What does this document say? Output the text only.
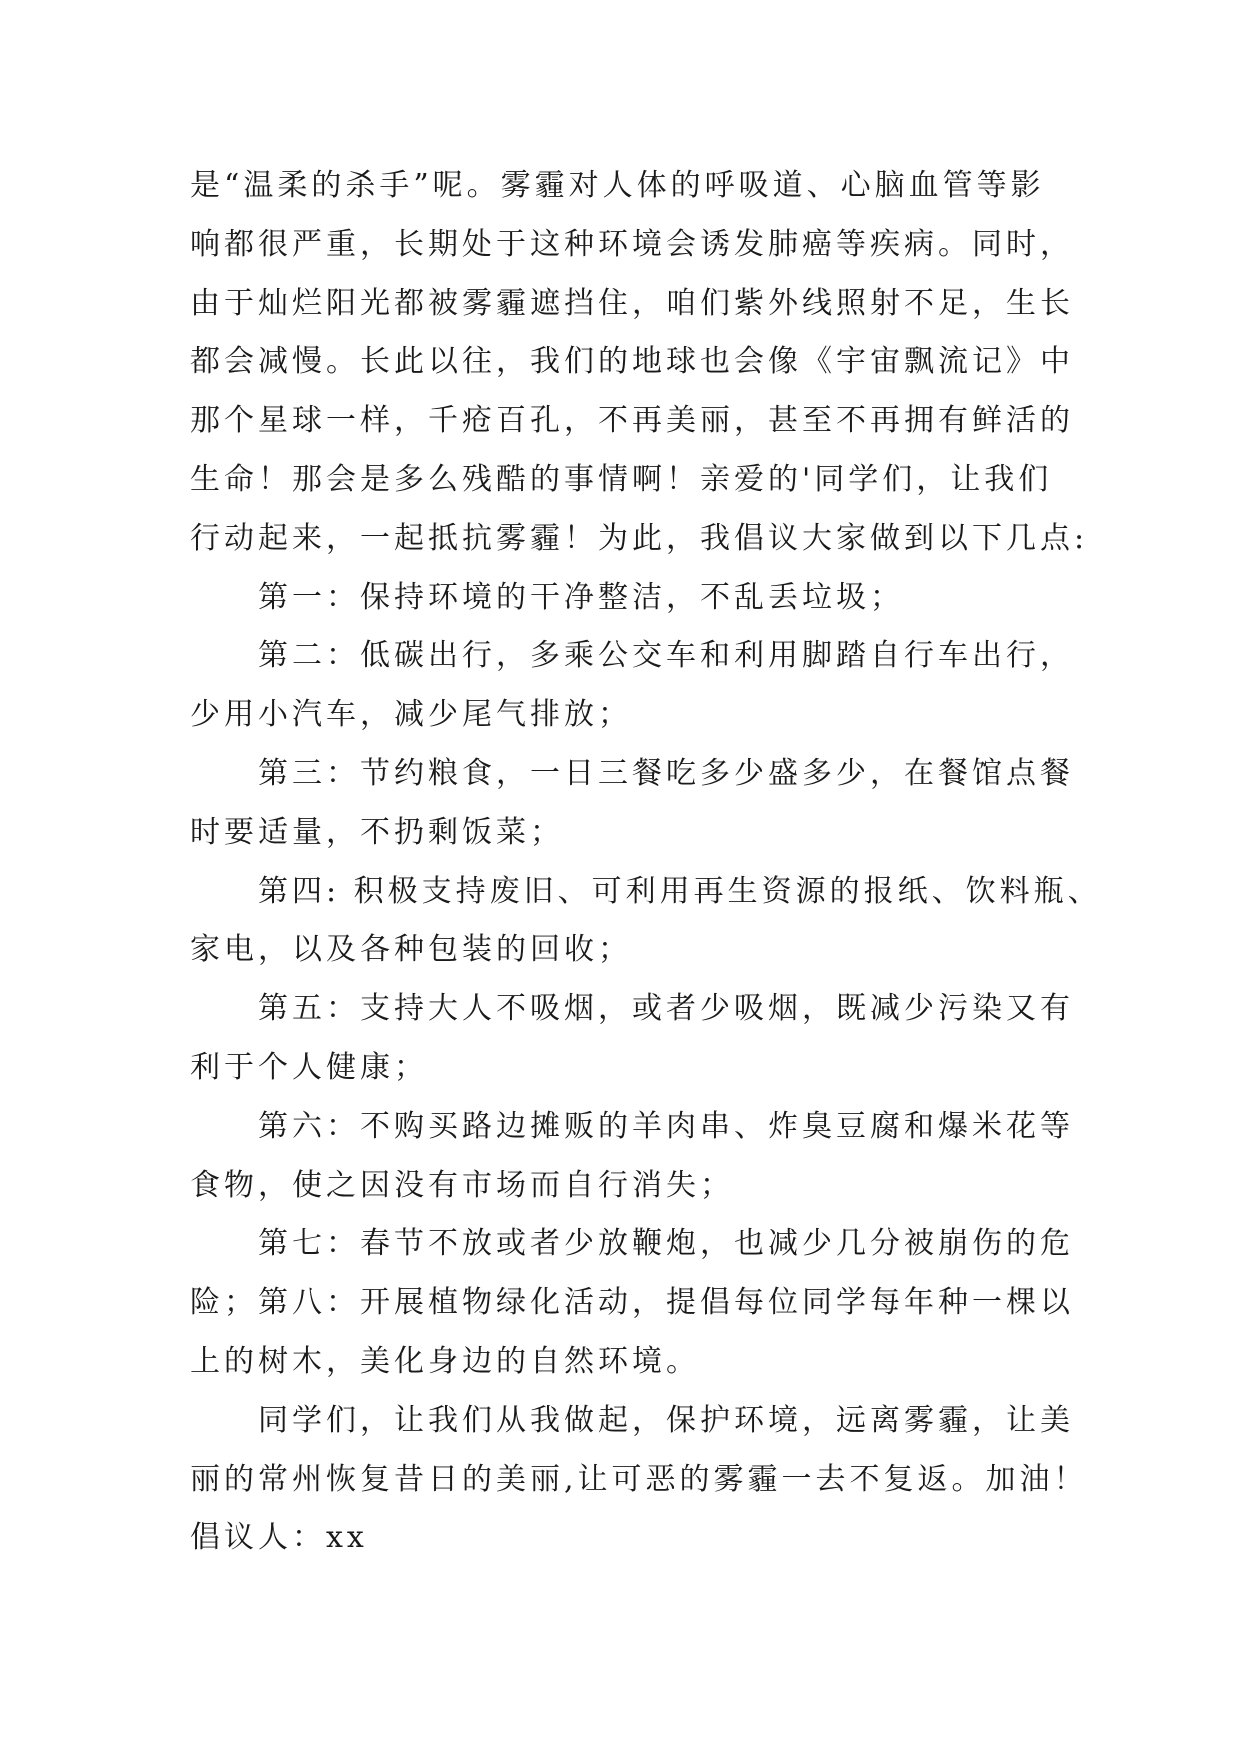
是“温柔的杀手”呢。雾霾对人体的呼吸道、心脑血管等影
响都很严重，长期处于这种环境会诱发肺癌等疾病。同时，
由于灿烂阳光都被雾霾遮挡住，咱们紫外线照射不足，生长
都会减慢。长此以往，我们的地球也会像《宇宙飘流记》中
那个星球一样，千疮百孔，不再美丽，甚至不再拥有鲜活的
生命！那会是多么残酷的事情啊！亲爱的'同学们，让我们
行动起来，一起抵抗雾霾！为此，我倡议大家做到以下几点:
第一：保持环境的干净整洁，不乱丢垃圾；
第二：低碳出行，多乘公交车和利用脚踏自行车出行，
少用小汽车，减少尾气排放；
第三：节约粮食，一日三餐吃多少盛多少，在餐馆点餐
时要适量，不扔剩饭菜；
第四: 积极支持废旧、可利用再生资源的报纸、饮料瓶、
家电，以及各种包装的回收；
第五：支持大人不吸烟，或者少吸烟，既减少污染又有
利于个人健康；
第六：不购买路边摊贩的羊肉串、炸臭豆腐和爆米花等
食物，使之因没有市场而自行消失；
第七：春节不放或者少放鞭炮，也减少几分被崩伤的危
险；第八：开展植物绿化活动，提倡每位同学每年种一棵以
上的树木，美化身边的自然环境。
同学们，让我们从我做起，保护环境，远离雾霾，让美
丽的常州恢复昔日的美丽,让可恶的雾霾一去不复返。加油！
倡议人：xx
